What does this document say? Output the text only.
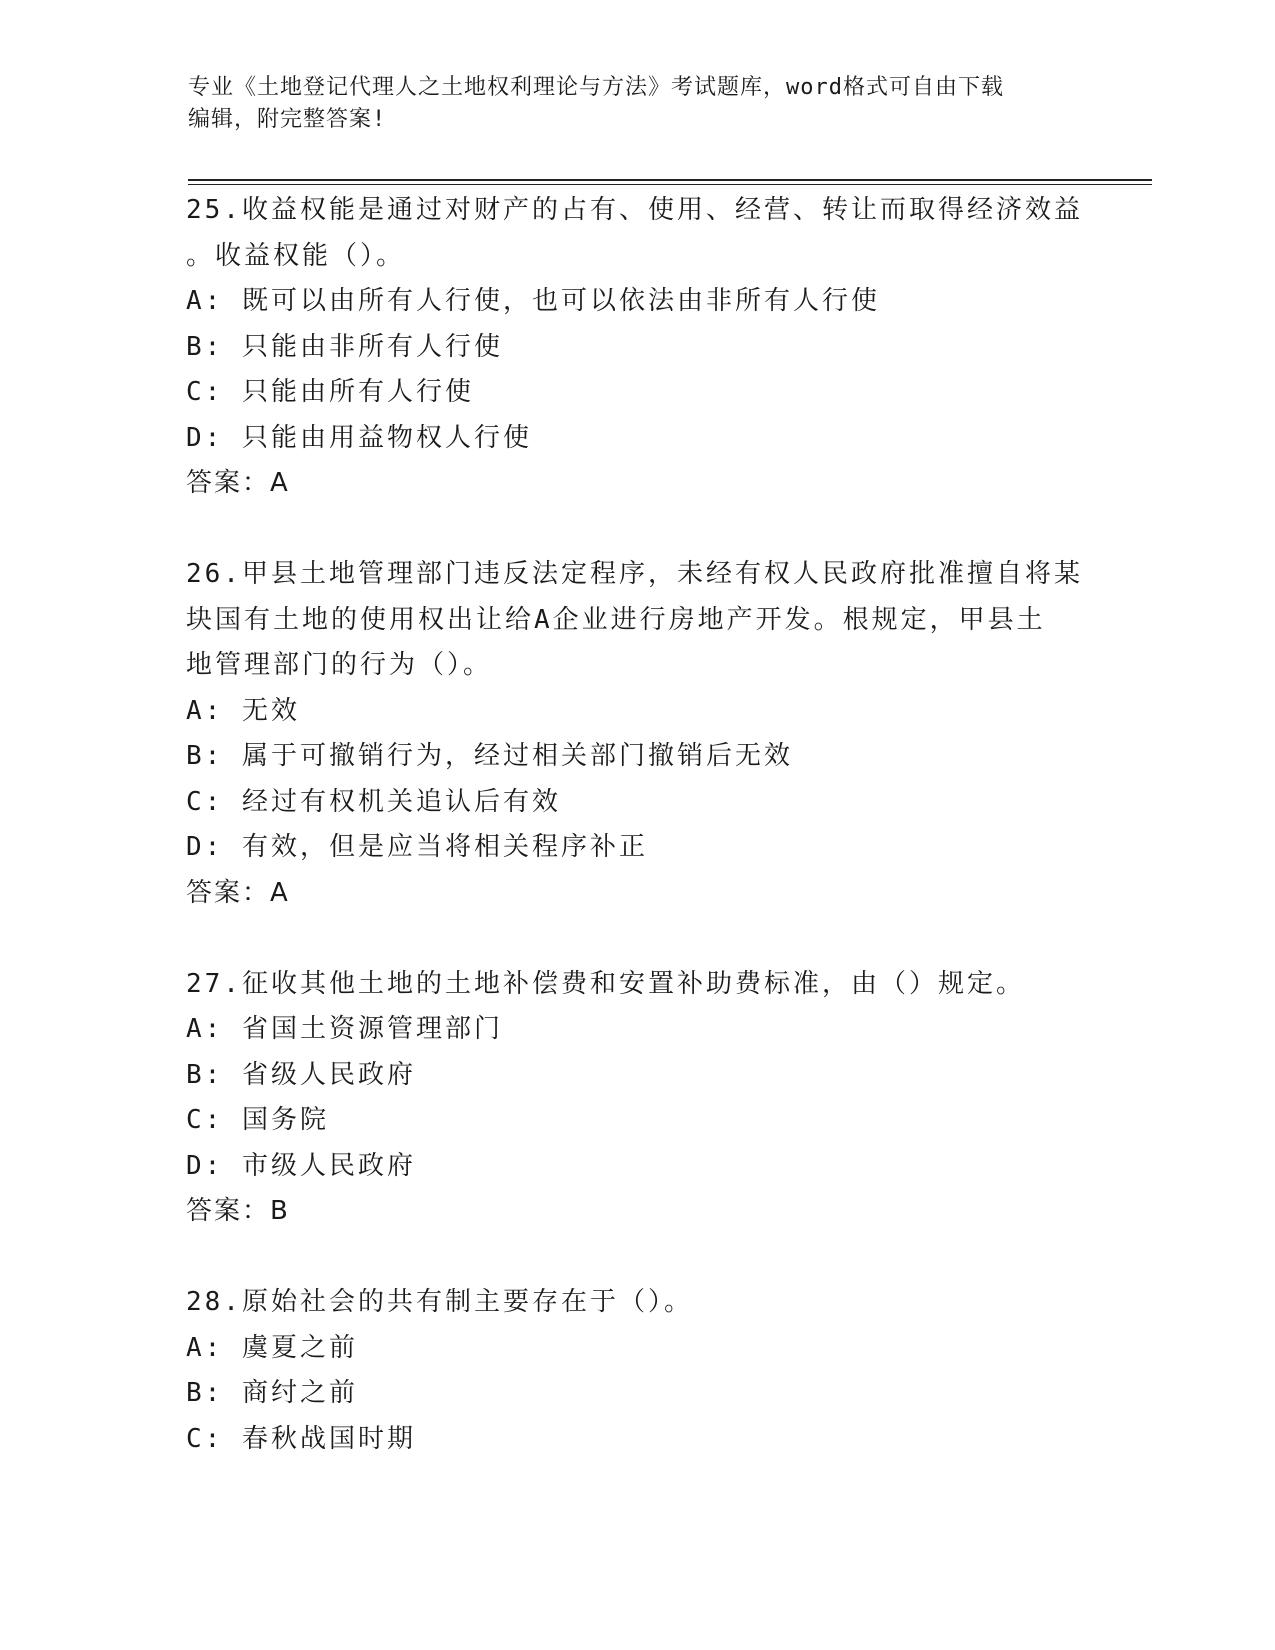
专业《土地登记代理人之土地权利理论与方法》考试题库，word格式可自由下载
编辑，附完整答案!
25.收益权能是通过对财产的占有、使用、经营、转让而取得经济效益
。收益权能（）。
A: 既可以由所有人行使，也可以依法由非所有人行使
B: 只能由非所有人行使
C: 只能由所有人行使
D: 只能由用益物权人行使
答案：A
26.甲县土地管理部门违反法定程序，未经有权人民政府批准擅自将某
块国有土地的使用权出让给A企业进行房地产开发。根规定，甲县土
地管理部门的行为（）。
A: 无效
B: 属于可撤销行为，经过相关部门撤销后无效
C: 经过有权机关追认后有效
D: 有效，但是应当将相关程序补正
答案：A
27.征收其他土地的土地补偿费和安置补助费标准，由（）规定。
A: 省国土资源管理部门
B: 省级人民政府
C: 国务院
D: 市级人民政府
答案：B
28.原始社会的共有制主要存在于（）。
A: 虞夏之前
B: 商纣之前
C: 春秋战国时期
